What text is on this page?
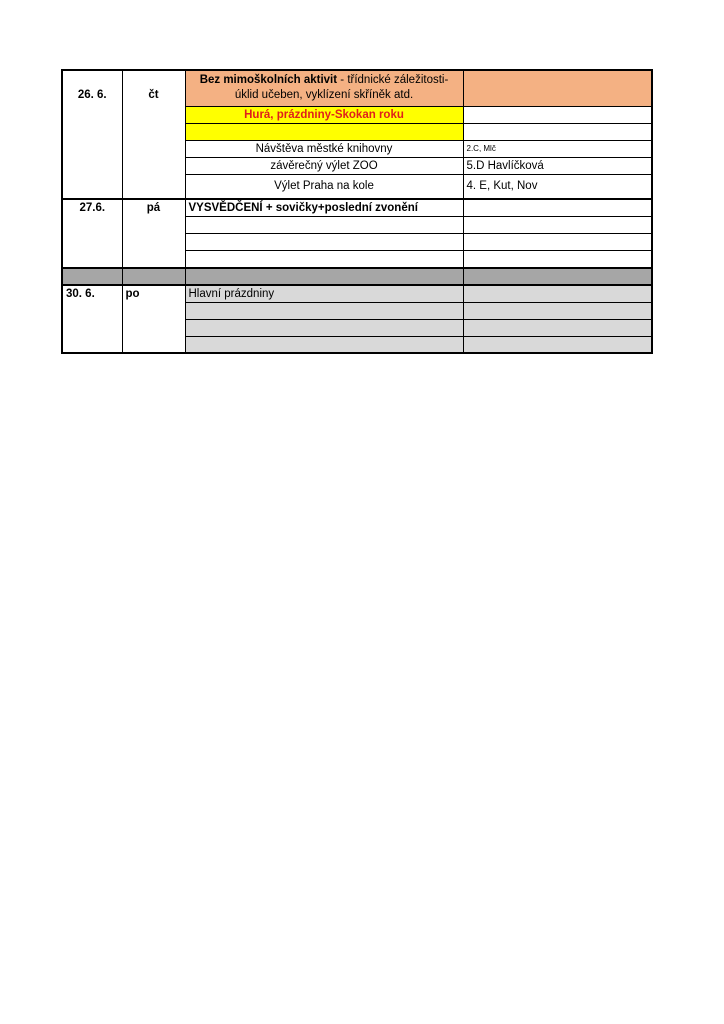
26. 6.	čt	Bez mimoškolních aktivit - třídnické záležitosti- úklid učeben, vyklízení skříněk atd.	
		Hurá, prázdniny-Skokan roku	

		Návštěva městké knihovny	2.C, Mlč
		závěrečný výlet ZOO	5.D Havlíčková
		Výlet Praha na kole	4. E, Kut, Nov
27.6.	pá	VYSVĚDČENÍ + sovičky+poslední zvonění	

30. 6.	po	Hlavní prázdniny	
